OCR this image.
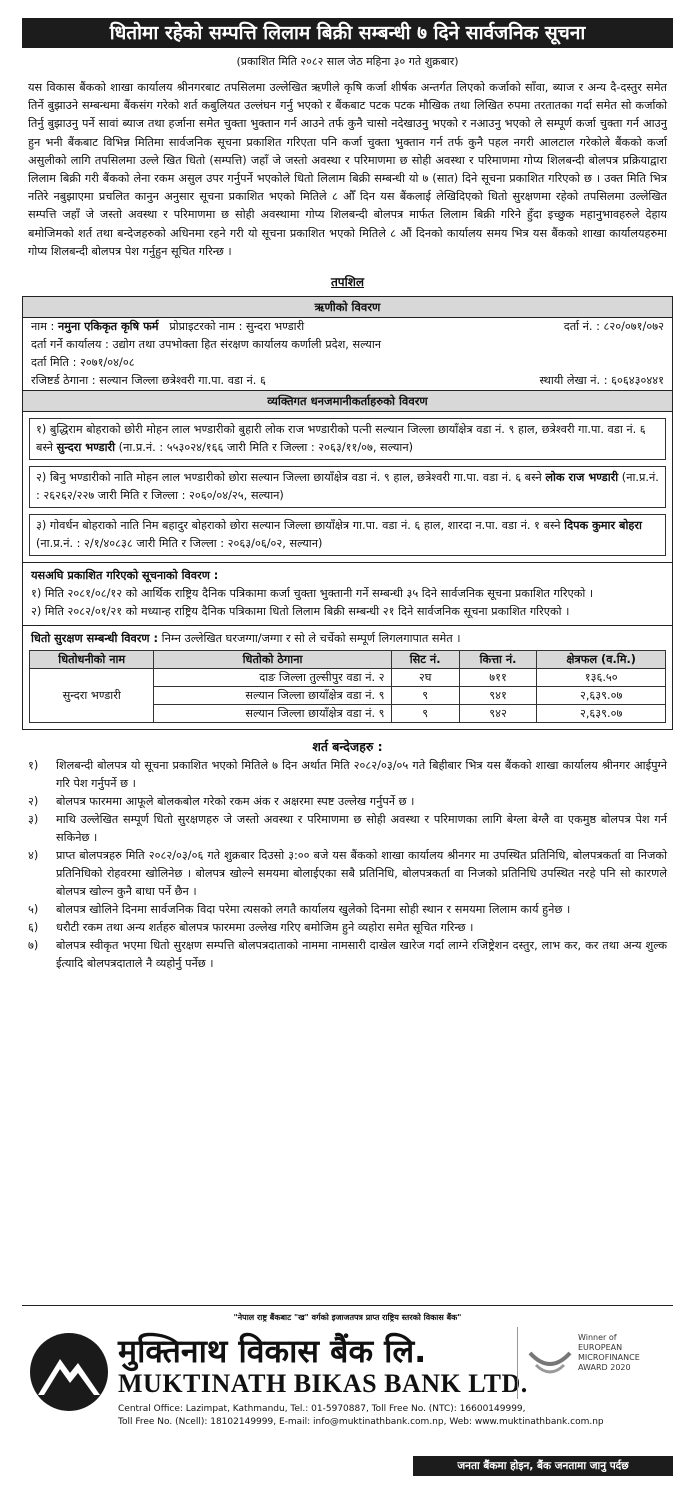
धितोमा रहेको सम्पत्ति लिलाम बिक्री सम्बन्धी ७ दिने सार्वजनिक सूचना
(प्रकाशित मिति २०८२ साल जेठ महिना ३० गते शुक्रबार)
यस विकास बैंकको शाखा कार्यालय श्रीनगरबाट तपसिलमा उल्लेखित ऋणीले कृषि कर्जा शीर्षक अन्तर्गत लिएको कर्जाको साँवा, ब्याज र अन्य दै-दस्तुर समेत तिर्ने बुझाउने सम्बन्धमा बैंकसंग गरेको शर्त कबुलियत उल्लंघन गर्नु भएको र बैंकबाट पटक पटक मौखिक तथा लिखित रुपमा तरतातका गर्दा समेत सो कर्जाको तिर्नु बुझाउनु पर्ने सावां ब्याज तथा हर्जाना समेत चुक्ता भुक्तान गर्न आउने तर्फ कुनै चासो नदेखाउनु भएको र नआउनु भएको ले सम्पूर्ण कर्जा चुक्ता गर्न आउनु हुन भनी बैंकबाट विभिन्न मितिमा सार्वजनिक सूचना प्रकाशित गरिएता पनि कर्जा चुक्ता भुक्तान गर्न तर्फ कुनै पहल नगरी आलटाल गरेकोले बैंकको कर्जा असुलीको लागि तपसिलमा उल्ले खित धितो (सम्पत्ति) जहाँ जे जस्तो अवस्था र परिमाणमा छ सोही अवस्था र परिमाणमा गोप्य शिलबन्दी बोलपत्र प्रक्रियाद्वारा लिलाम बिक्री गरी बैंकको लेना रकम असुल उपर गर्नुपर्ने भएकोले धितो लिलाम बिक्री सम्बन्धी यो ७ (सात) दिने सूचना प्रकाशित गरिएको छ । उक्त मिति भित्र नतिरे नबुझाएमा प्रचलित कानुन अनुसार सूचना प्रकाशित भएको मितिले ८ औँ दिन यस बैंकलाई लेखिदिएको धितो सुरक्षणमा रहेको तपसिलमा उल्लेखित सम्पत्ति जहाँ जे जस्तो अवस्था र परिमाणमा छ सोही अवस्थामा गोप्य शिलबन्दी बोलपत्र मार्फत लिलाम बिक्री गरिने हुँदा इच्छुक महानुभावहरुले देहाय बमोजिमको शर्त तथा बन्देजहरुको अधिनमा रहने गरी यो सूचना प्रकाशित भएको मितिले ८ औं दिनको कार्यालय समय भित्र यस बैंकको शाखा कार्यालयहरुमा गोप्य शिलबन्दी बोलपत्र पेश गर्नुहुन सूचित गरिन्छ ।
तपशिल
ऋणीको विवरण
नाम : नमुना एकिकृत कृषि फर्म प्रोप्राइटरको नाम : सुन्दरा भण्डारी	दर्ता नं. : ८२०/०७१/०७२
दर्ता गर्ने कार्यालय : उद्योग तथा उपभोक्ता हित संरक्षण कार्यालय कर्णाली प्रदेश, सल्यान
दर्ता मिति : २०७१/०४/०८
रजिष्टर्ड ठेगाना : सल्यान जिल्ला छत्रेश्वरी गा.पा. वडा नं. ६	स्थायी लेखा नं. : ६०६४३०४४१
व्यक्तिगत धनजमानीकर्ताहरुको विवरण
१) बुद्धिराम बोहराको छोरी मोहन लाल भण्डारीको बुहारी लोक राज भण्डारीको पत्नी सल्यान जिल्ला छायाँक्षेत्र वडा नं. ९ हाल, छत्रेश्वरी गा.पा. वडा नं. ६ बस्ने सुन्दरा भण्डारी (ना.प्र.नं. : ५५३०२४/१६६ जारी मिति र जिल्ला : २०६३/११/०७, सल्यान)
२) बिनु भण्डारीको नाति मोहन लाल भण्डारीको छोरा सल्यान जिल्ला छायाँक्षेत्र वडा नं. ९ हाल, छत्रेश्वरी गा.पा. वडा नं. ६ बस्ने लोक राज भण्डारी (ना.प्र.नं. : २६२६२/२२७ जारी मिति र जिल्ला : २०६०/०४/२५, सल्यान)
३) गोवर्धन बोहराको नाति निम बहादुर बोहराको छोरा सल्यान जिल्ला छायाँक्षेत्र गा.पा. वडा नं. ६ हाल, शारदा न.पा. वडा नं. १ बस्ने दिपक कुमार बोहरा (ना.प्र.नं. : २/१/४०८३८ जारी मिति र जिल्ला : २०६३/०६/०२, सल्यान)
यसअघि प्रकाशित गरिएको सूचनाको विवरण :
१) मिति २०८१/०८/१२ को आर्थिक राष्ट्रिय दैनिक पत्रिकामा कर्जा चुक्ता भुक्तानी गर्ने सम्बन्धी ३५ दिने सार्वजनिक सूचना प्रकाशित गरिएको ।
२) मिति २०८२/०१/२१ को मध्यान्ह राष्ट्रिय दैनिक पत्रिकामा धितो लिलाम बिक्री सम्बन्धी २१ दिने सार्वजनिक सूचना प्रकाशित गरिएको ।
धितो सुरक्षण सम्बन्धी विवरण : निम्न उल्लेखित घरजग्गा/जग्गा र सो ले चर्चेको सम्पूर्ण लिगलगापात समेत ।
धितोधनीको नाम	धितोको ठेगाना	सिट नं.	कित्ता नं.	क्षेत्रफल (व.मि.)
सुन्दरा भण्डारी	दाङ जिल्ला तुल्सीपुर वडा नं. २	२घ	७११	१३६.५०
	सल्यान जिल्ला छायाँक्षेत्र वडा नं. ९	९	९४१	२,६३९.०७
	सल्यान जिल्ला छायाँक्षेत्र वडा नं. ९	९	९४२	२,६३९.०७
शर्त बन्देजहरु :
१)	शिलबन्दी बोलपत्र यो सूचना प्रकाशित भएको मितिले ७ दिन अर्थात मिति २०८२/०३/०५ गते बिहीबार भित्र यस बैंकको शाखा कार्यालय श्रीनगर आईपुग्ने गरि पेश गर्नुपर्ने छ ।
२)	बोलपत्र फारममा आफूले बोलकबोल गरेको रकम अंक र अक्षरमा स्पष्ट उल्लेख गर्नुपर्ने छ ।
३)	माथि उल्लेखित सम्पूर्ण धितो सुरक्षणहरु जे जस्तो अवस्था र परिमाणमा छ सोही अवस्था र परिमाणका लागि बेग्ला बेग्लै वा एकमुष्ठ बोलपत्र पेश गर्न सकिनेछ ।
४)	प्राप्त बोलपत्रहरु मिति २०८२/०३/०६ गते शुक्रबार दिउसो ३:०० बजे यस बैंकको शाखा कार्यालय श्रीनगर मा उपस्थित प्रतिनिधि, बोलपत्रकर्ता वा निजको प्रतिनिधिको रोहवरमा खोलिनेछ । बोलपत्र खोल्ने समयमा बोलाईएका सबै प्रतिनिधि, बोलपत्रकर्ता वा निजको प्रतिनिधि उपस्थित नरहे पनि सो कारणले बोलपत्र खोल्न कुनै बाधा पर्ने छैन ।
५)	बोलपत्र खोलिने दिनमा सार्वजनिक विदा परेमा त्यसको लगतै कार्यालय खुलेको दिनमा सोही स्थान र समयमा लिलाम कार्य हुनेछ ।
६)	धरौटी रकम तथा अन्य शर्तहरु बोलपत्र फारममा उल्लेख गरिए बमोजिम हुने व्यहोरा समेत सूचित गरिन्छ ।
७)	बोलपत्र स्वीकृत भएमा धितो सुरक्षण सम्पत्ति बोलपत्रदाताको नाममा नामसारी दाखेल खारेज गर्दा लाग्ने रजिष्ट्रेशन दस्तुर, लाभ कर, कर तथा अन्य शुल्क ईत्यादि बोलपत्रदाताले नै व्यहोर्नु पर्नेछ ।
"नेपाल राष्ट्र बैंकबाट "ख" वर्गको इजाजतपत्र प्राप्त राष्ट्रिय स्तरको विकास बैंक"
मुक्तिनाथ विकास बैंक लि.
MUKTINATH BIKAS BANK LTD.
Central Office: Lazimpat, Kathmandu, Tel.: 01-5970887, Toll Free No. (NTC): 16600149999,
Toll Free No. (Ncell): 18102149999, E-mail: info@muktinathbank.com.np, Web: www.muktinathbank.com.np
Winner of
EUROPEAN
MICROFINANCE
AWARD 2020
जनता बैंकमा होइन, बैंक जनतामा जानु पर्दछ
